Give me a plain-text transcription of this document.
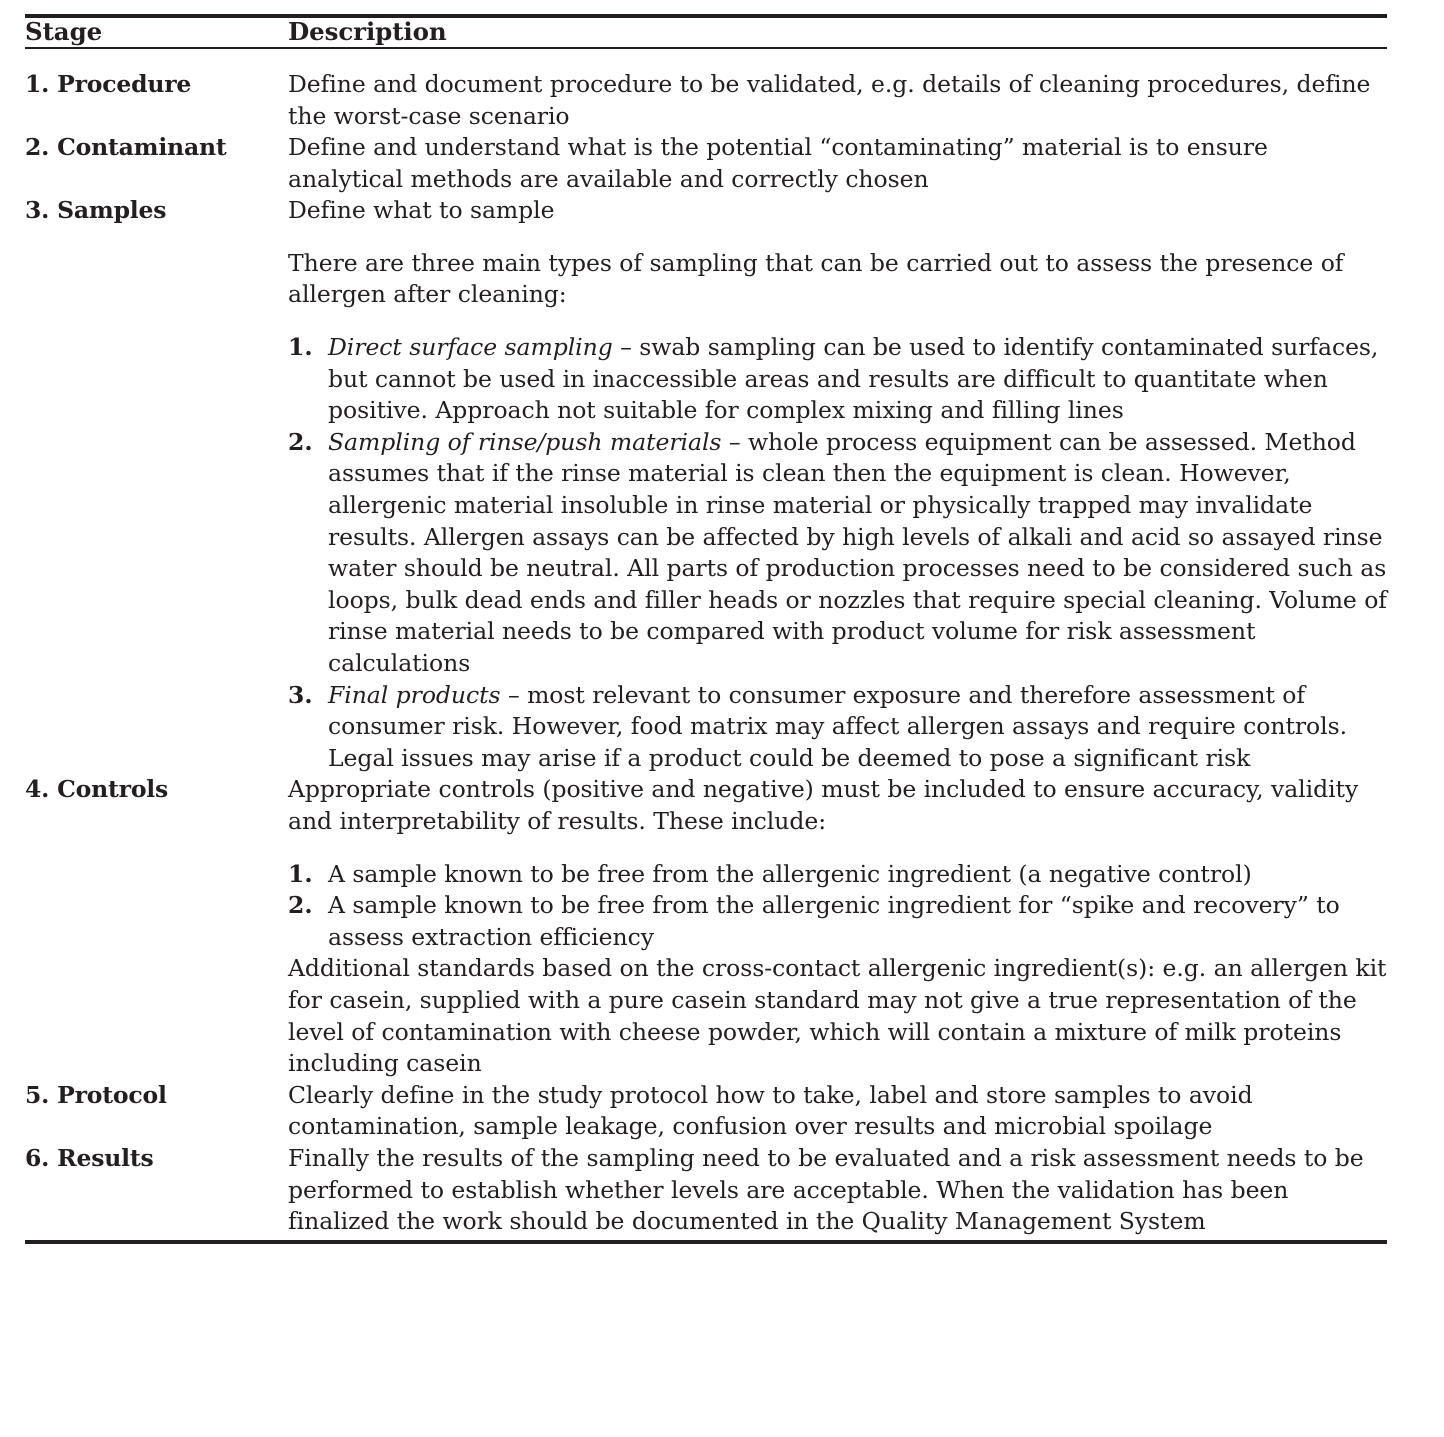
Stage	Description
1. Procedure	Define and document procedure to be validated, e.g. details of cleaning procedures, define the worst-case scenario

2. Contaminant	Define and understand what is the potential “contaminating” material is to ensure analytical methods are available and correctly chosen

3. Samples	Define what to sample

There are three main types of sampling that can be carried out to assess the presence of allergen after cleaning:

Direct surface sampling – swab sampling can be used to identify contaminated surfaces, but cannot be used in inaccessible areas and results are difficult to quantitate when positive. Approach not suitable for complex mixing and filling lines
Sampling of rinse/push materials – whole process equipment can be assessed. Method assumes that if the rinse material is clean then the equipment is clean. However, allergenic material insoluble in rinse material or physically trapped may invalidate results. Allergen assays can be affected by high levels of alkali and acid so assayed rinse water should be neutral. All parts of production processes need to be considered such as loops, bulk dead ends and filler heads or nozzles that require special cleaning. Volume of rinse material needs to be compared with product volume for risk assessment calculations
Final products – most relevant to consumer exposure and therefore assessment of consumer risk. However, food matrix may affect allergen assays and require controls. Legal issues may arise if a product could be deemed to pose a significant risk

4. Controls	Appropriate controls (positive and negative) must be included to ensure accuracy, validity and interpretability of results. These include:

A sample known to be free from the allergenic ingredient (a negative control)
A sample known to be free from the allergenic ingredient for “spike and recovery” to assess extraction efficiency

Additional standards based on the cross-contact allergenic ingredient(s): e.g. an allergen kit for casein, supplied with a pure casein standard may not give a true representation of the level of contamination with cheese powder, which will contain a mixture of milk proteins including casein

5. Protocol	Clearly define in the study protocol how to take, label and store samples to avoid contamination, sample leakage, confusion over results and microbial spoilage

6. Results	Finally the results of the sampling need to be evaluated and a risk assessment needs to be performed to establish whether levels are acceptable. When the validation has been finalized the work should be documented in the Quality Management System
